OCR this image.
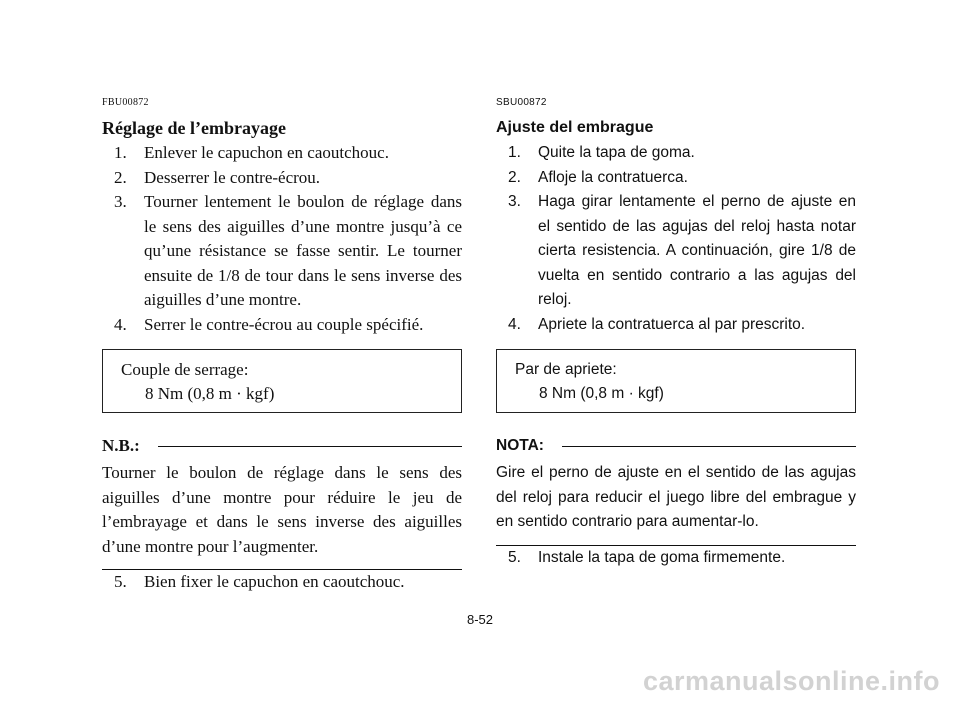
FBU00872
Réglage de l’embrayage
1. Enlever le capuchon en caoutchouc.
2. Desserrer le contre-écrou.
3. Tourner lentement le boulon de réglage dans le sens des aiguilles d’une montre jusqu’à ce qu’une résistance se fasse sentir. Le tourner ensuite de 1/8 de tour dans le sens inverse des aiguilles d’une montre.
4. Serrer le contre-écrou au couple spécifié.
Couple de serrage:
8 Nm (0,8 m · kgf)
N.B.:

Tourner le boulon de réglage dans le sens des aiguilles d’une montre pour réduire le jeu de l’embrayage et dans le sens inverse des aiguilles d’une montre pour l’augmenter.

5. Bien fixer le capuchon en caoutchouc.
SBU00872
Ajuste del embrague
1. Quite la tapa de goma.
2. Afloje la contratuerca.
3. Haga girar lentamente el perno de ajuste en el sentido de las agujas del reloj hasta notar cierta resistencia. A continuación, gire 1/8 de vuelta en sentido contrario a las agujas del reloj.
4. Apriete la contratuerca al par prescrito.
Par de apriete:
8 Nm (0,8 m · kgf)
NOTA:

Gire el perno de ajuste en el sentido de las agujas del reloj para reducir el juego libre del embrague y en sentido contrario para aumentar-lo.

5. Instale la tapa de goma firmemente.
8-52
carmanualsonline.info
